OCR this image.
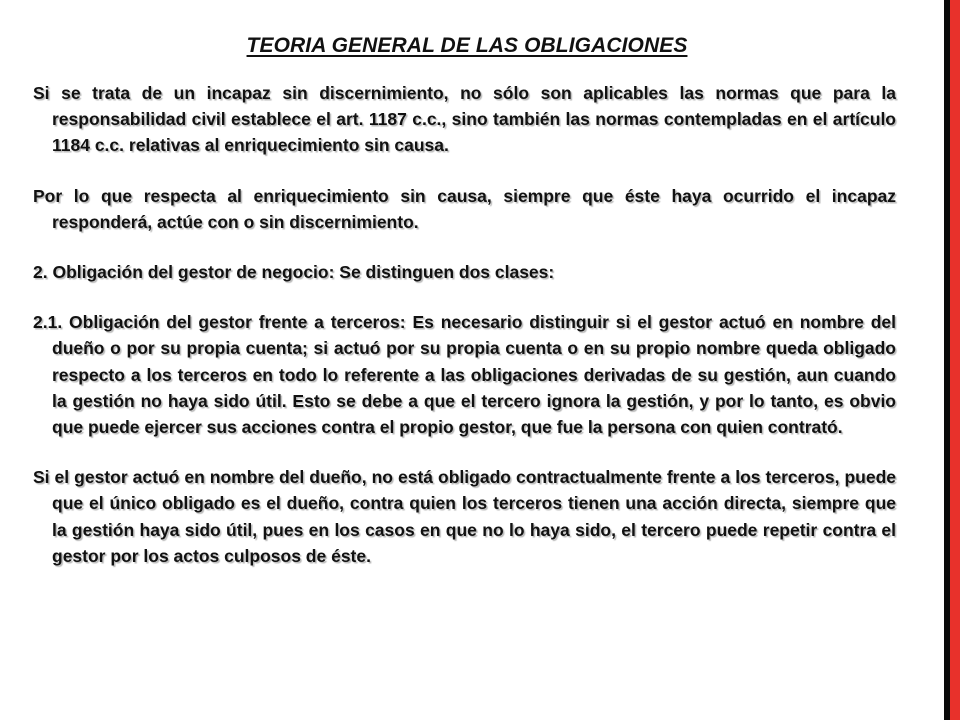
TEORIA GENERAL DE LAS OBLIGACIONES

Si se trata de un incapaz sin discernimiento, no sólo son aplicables las normas que para la responsabilidad civil establece el art. 1187 c.c., sino también las normas contempladas en el artículo 1184 c.c. relativas al enriquecimiento sin causa.

Por lo que respecta al enriquecimiento sin causa, siempre que éste haya ocurrido el incapaz responderá, actúe con o sin discernimiento.

2. Obligación del gestor de negocio: Se distinguen dos clases:

2.1. Obligación del gestor frente a terceros: Es necesario distinguir si el gestor actuó en nombre del dueño o por su propia cuenta; si actuó por su propia cuenta o en su propio nombre queda obligado respecto a los terceros en todo lo referente a las obligaciones derivadas de su gestión, aun cuando la gestión no haya sido útil. Esto se debe a que el tercero ignora la gestión, y por lo tanto, es obvio que puede ejercer sus acciones contra el propio gestor, que fue la persona con quien contrató.

Si el gestor actuó en nombre del dueño, no está obligado contractualmente frente a los terceros, puede que el único obligado es el dueño, contra quien los terceros tienen una acción directa, siempre que la gestión haya sido útil, pues en los casos en que no lo haya sido, el tercero puede repetir contra el gestor por los actos culposos de éste.
